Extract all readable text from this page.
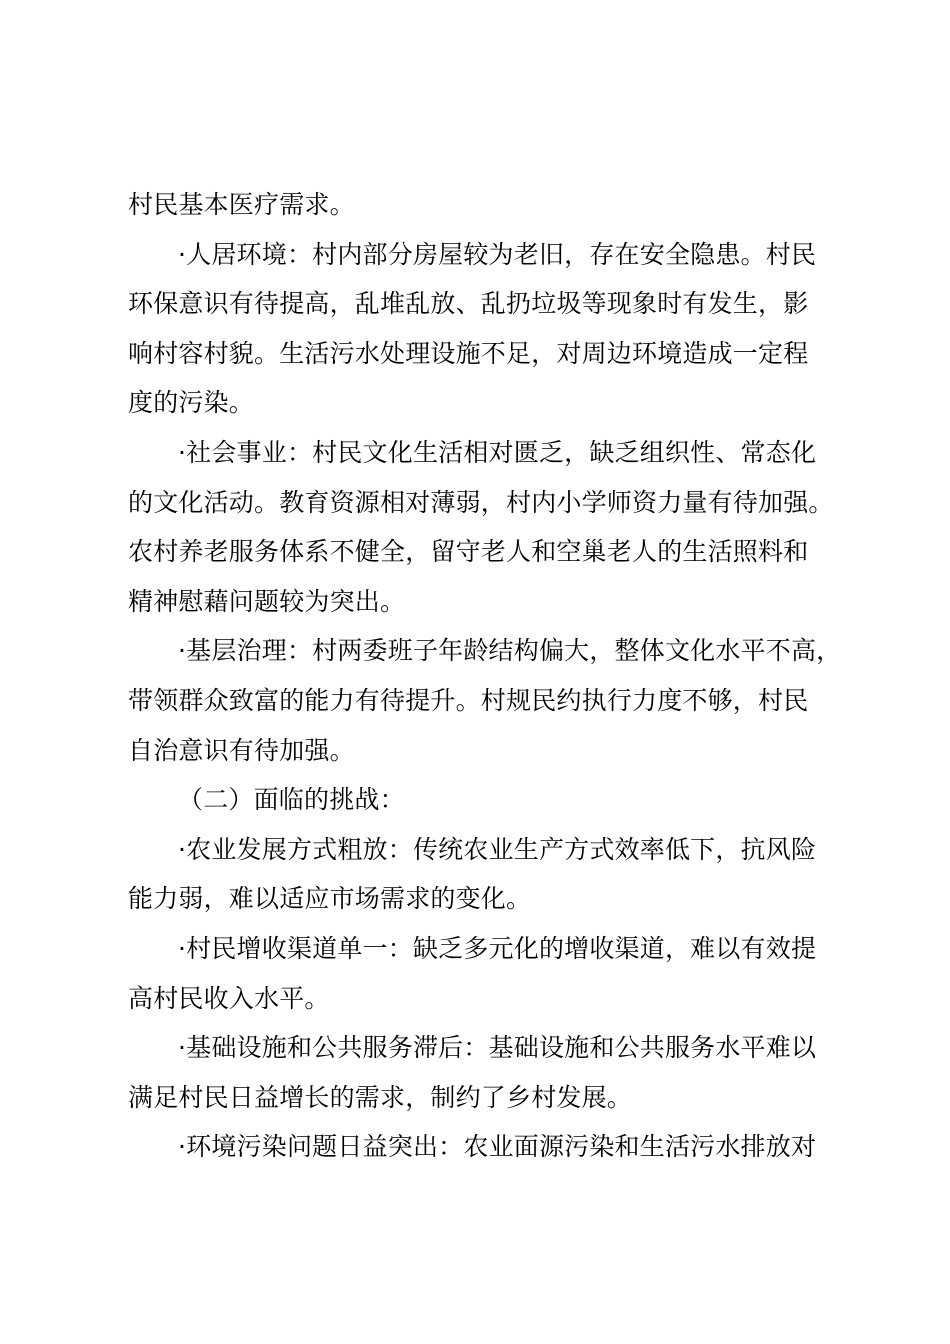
村民基本医疗需求。
·人居环境：村内部分房屋较为老旧，存在安全隐患。村民
环保意识有待提高，乱堆乱放、乱扔垃圾等现象时有发生，影
响村容村貌。生活污水处理设施不足，对周边环境造成一定程
度的污染。
·社会事业：村民文化生活相对匮乏，缺乏组织性、常态化
的文化活动。教育资源相对薄弱，村内小学师资力量有待加强。
农村养老服务体系不健全，留守老人和空巢老人的生活照料和
精神慰藉问题较为突出。
·基层治理：村两委班子年龄结构偏大，整体文化水平不高，
带领群众致富的能力有待提升。村规民约执行力度不够，村民
自治意识有待加强。
（二）面临的挑战：
·农业发展方式粗放：传统农业生产方式效率低下，抗风险
能力弱，难以适应市场需求的变化。
·村民增收渠道单一：缺乏多元化的增收渠道，难以有效提
高村民收入水平。
·基础设施和公共服务滞后：基础设施和公共服务水平难以
满足村民日益增长的需求，制约了乡村发展。
·环境污染问题日益突出：农业面源污染和生活污水排放对
